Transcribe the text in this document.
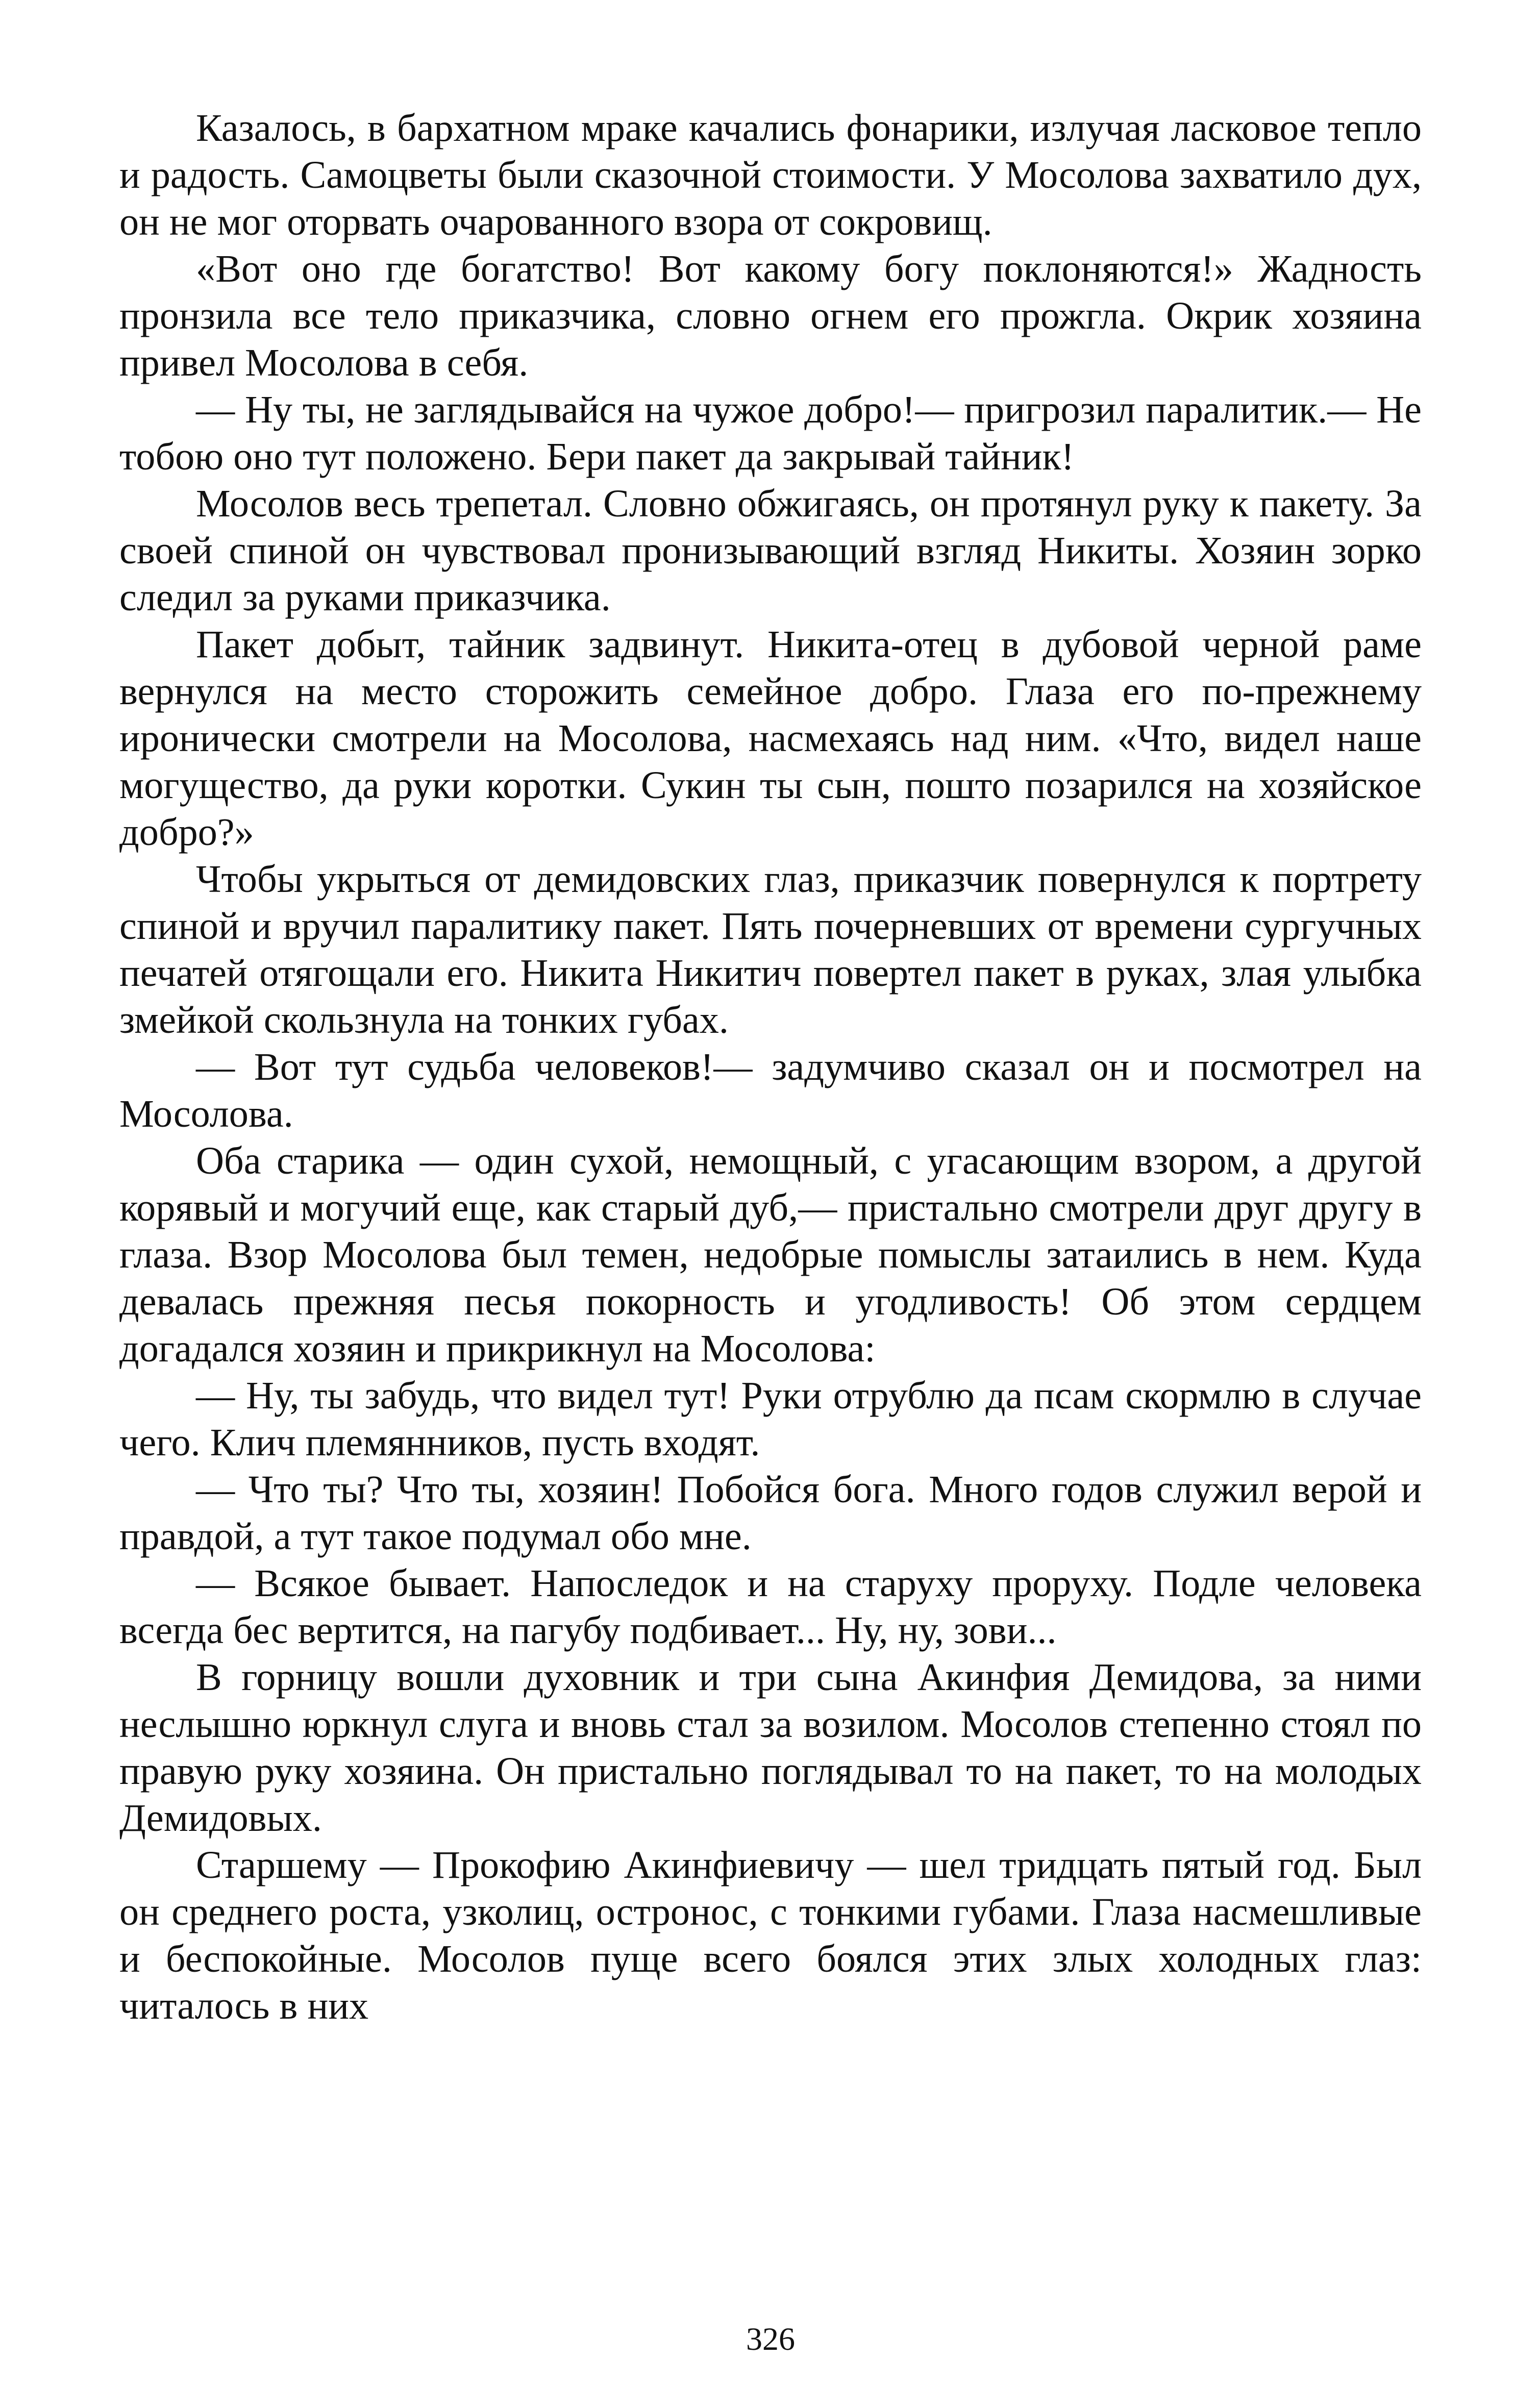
Казалось, в бархатном мраке качались фонарики, излучая ласковое тепло и радость. Самоцветы были сказочной стоимости. У Мосолова захватило дух, он не мог оторвать очарованного взора от сокровищ.

«Вот оно где богатство! Вот какому богу поклоняются!» Жадность пронзила все тело приказчика, словно огнем его прожгла. Окрик хозяина привел Мосолова в себя.

— Ну ты, не заглядывайся на чужое добро!— пригрозил паралитик.— Не тобою оно тут положено. Бери пакет да закрывай тайник!

Мосолов весь трепетал. Словно обжигаясь, он протянул руку к пакету. За своей спиной он чувствовал пронизывающий взгляд Никиты. Хозяин зорко следил за руками приказчика.

Пакет добыт, тайник задвинут. Никита-отец в дубовой черной раме вернулся на место сторожить семейное добро. Глаза его по-прежнему иронически смотрели на Мосолова, насмехаясь над ним. «Что, видел наше могущество, да руки коротки. Сукин ты сын, пошто позарился на хозяйское добро?»

Чтобы укрыться от демидовских глаз, приказчик повернулся к портрету спиной и вручил паралитику пакет. Пять почерневших от времени сургучных печатей отягощали его. Никита Никитич повертел пакет в руках, злая улыбка змейкой скользнула на тонких губах.

— Вот тут судьба человеков!— задумчиво сказал он и посмотрел на Мосолова.

Оба старика — один сухой, немощный, с угасающим взором, а другой корявый и могучий еще, как старый дуб,— пристально смотрели друг другу в глаза. Взор Мосолова был темен, недобрые помыслы затаились в нем. Куда девалась прежняя песья покорность и угодливость! Об этом сердцем догадался хозяин и прикрикнул на Мосолова:

— Ну, ты забудь, что видел тут! Руки отрублю да псам скормлю в случае чего. Клич племянников, пусть входят.

— Что ты? Что ты, хозяин! Побойся бога. Много годов служил верой и правдой, а тут такое подумал обо мне.

— Всякое бывает. Напоследок и на старуху проруху. Подле человека всегда бес вертится, на пагубу подбивает... Ну, ну, зови...

В горницу вошли духовник и три сына Акинфия Демидова, за ними неслышно юркнул слуга и вновь стал за возилом. Мосолов степенно стоял по правую руку хозяина. Он пристально поглядывал то на пакет, то на молодых Демидовых.

Старшему — Прокофию Акинфиевичу — шел тридцать пятый год. Был он среднего роста, узколиц, остронос, с тонкими губами. Глаза насмешливые и беспокойные. Мосолов пуще всего боялся этих злых холодных глаз: читалось в них

326
